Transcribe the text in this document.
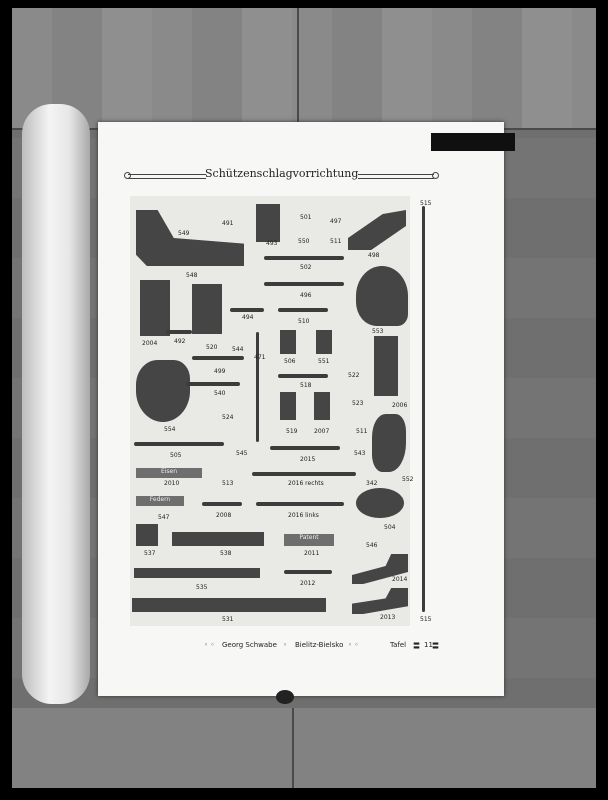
Schützenschlagvorrichtung
Eisen
Federn
Patent
549
491
493
501
497
550	511
498
548
502
496
515
494
510
553
2004	492
520 544
471
506	551
522
499
518
2006
540
523
554
524
519	2007	511
545
505
2015
543
2010	513	2016 rechts	342
552
547	2008	2016 links
504
537	538	2011
546
535
2012
2014
531	2013	515
◦ ◦ Georg Schwabe ◦ Bielitz-Bielsko ◦ ◦	Tafel 〓 11 〓
